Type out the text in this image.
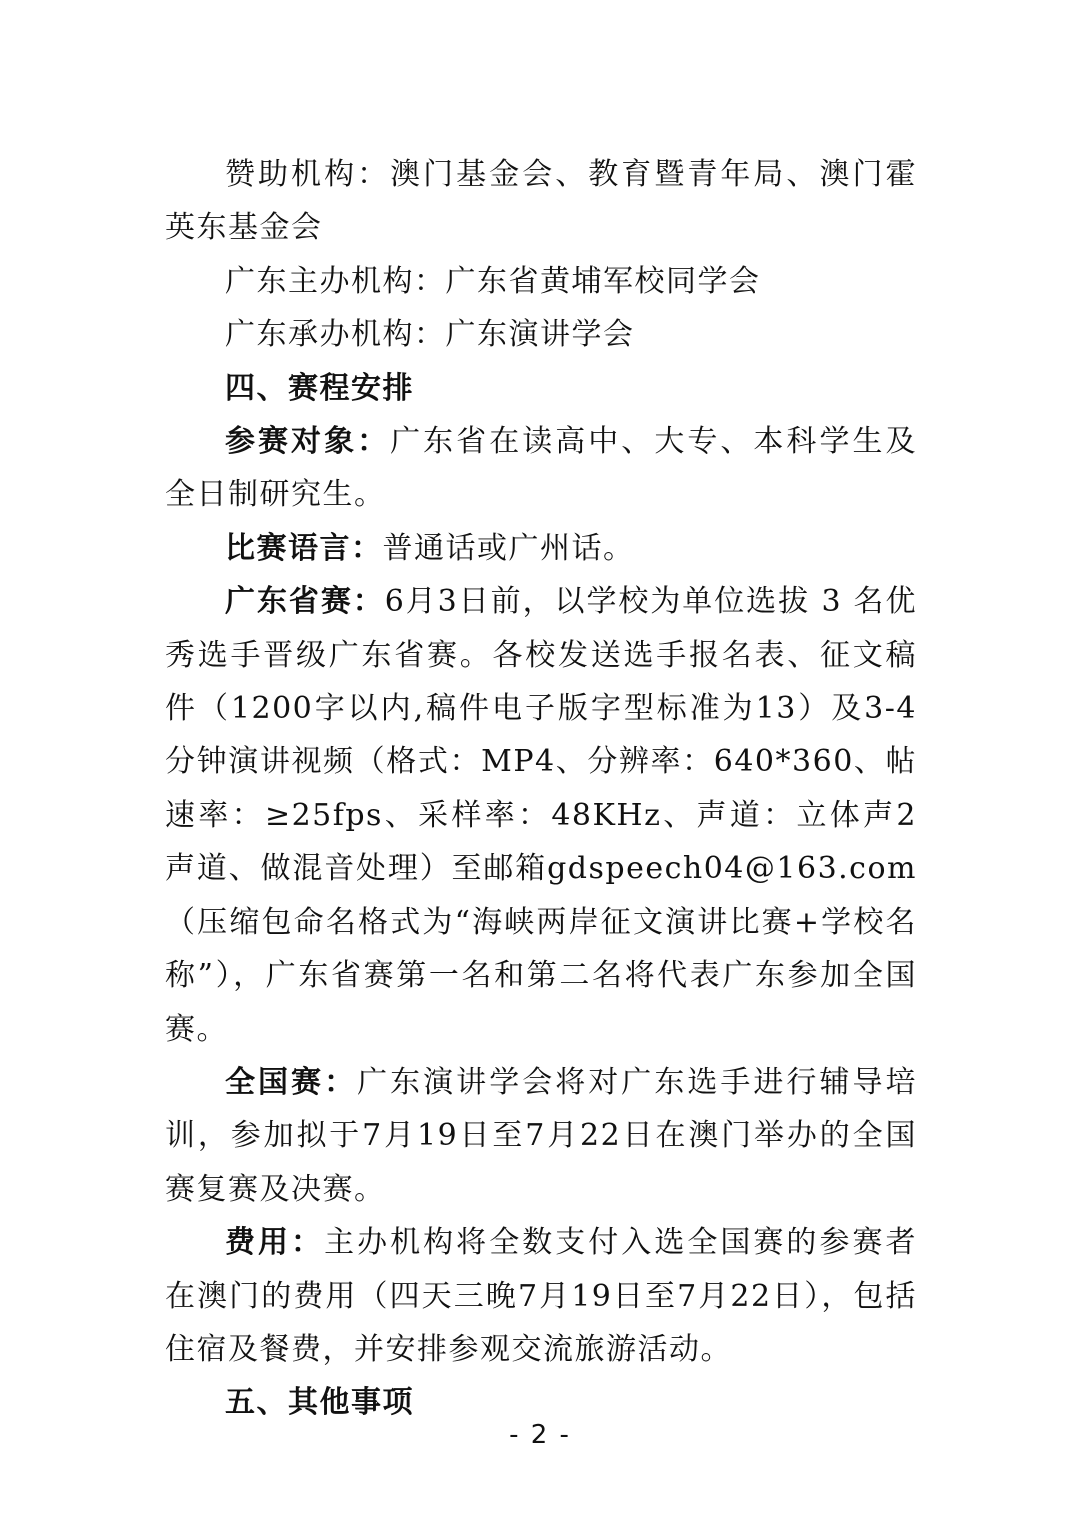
赞助机构：澳门基金会、教育暨青年局、澳门霍英东基金会

广东主办机构：广东省黄埔军校同学会

广东承办机构：广东演讲学会

四、赛程安排

参赛对象：广东省在读高中、大专、本科学生及全日制研究生。

比赛语言：普通话或广州话。

广东省赛：6月3日前，以学校为单位选拔 3 名优秀选手晋级广东省赛。各校发送选手报名表、征文稿件（1200字以内,稿件电子版字型标准为13）及3-4分钟演讲视频（格式：MP4、分辨率：640*360、帖速率：≥25fps、采样率：48KHz、声道：立体声2声道、做混音处理）至邮箱gdspeech04@163.com（压缩包命名格式为“海峡两岸征文演讲比赛+学校名称”），广东省赛第一名和第二名将代表广东参加全国赛。

全国赛：广东演讲学会将对广东选手进行辅导培训，参加拟于7月19日至7月22日在澳门举办的全国赛复赛及决赛。

费用：主办机构将全数支付入选全国赛的参赛者在澳门的费用（四天三晚7月19日至7月22日），包括住宿及餐费，并安排参观交流旅游活动。

五、其他事项

- 2 -
